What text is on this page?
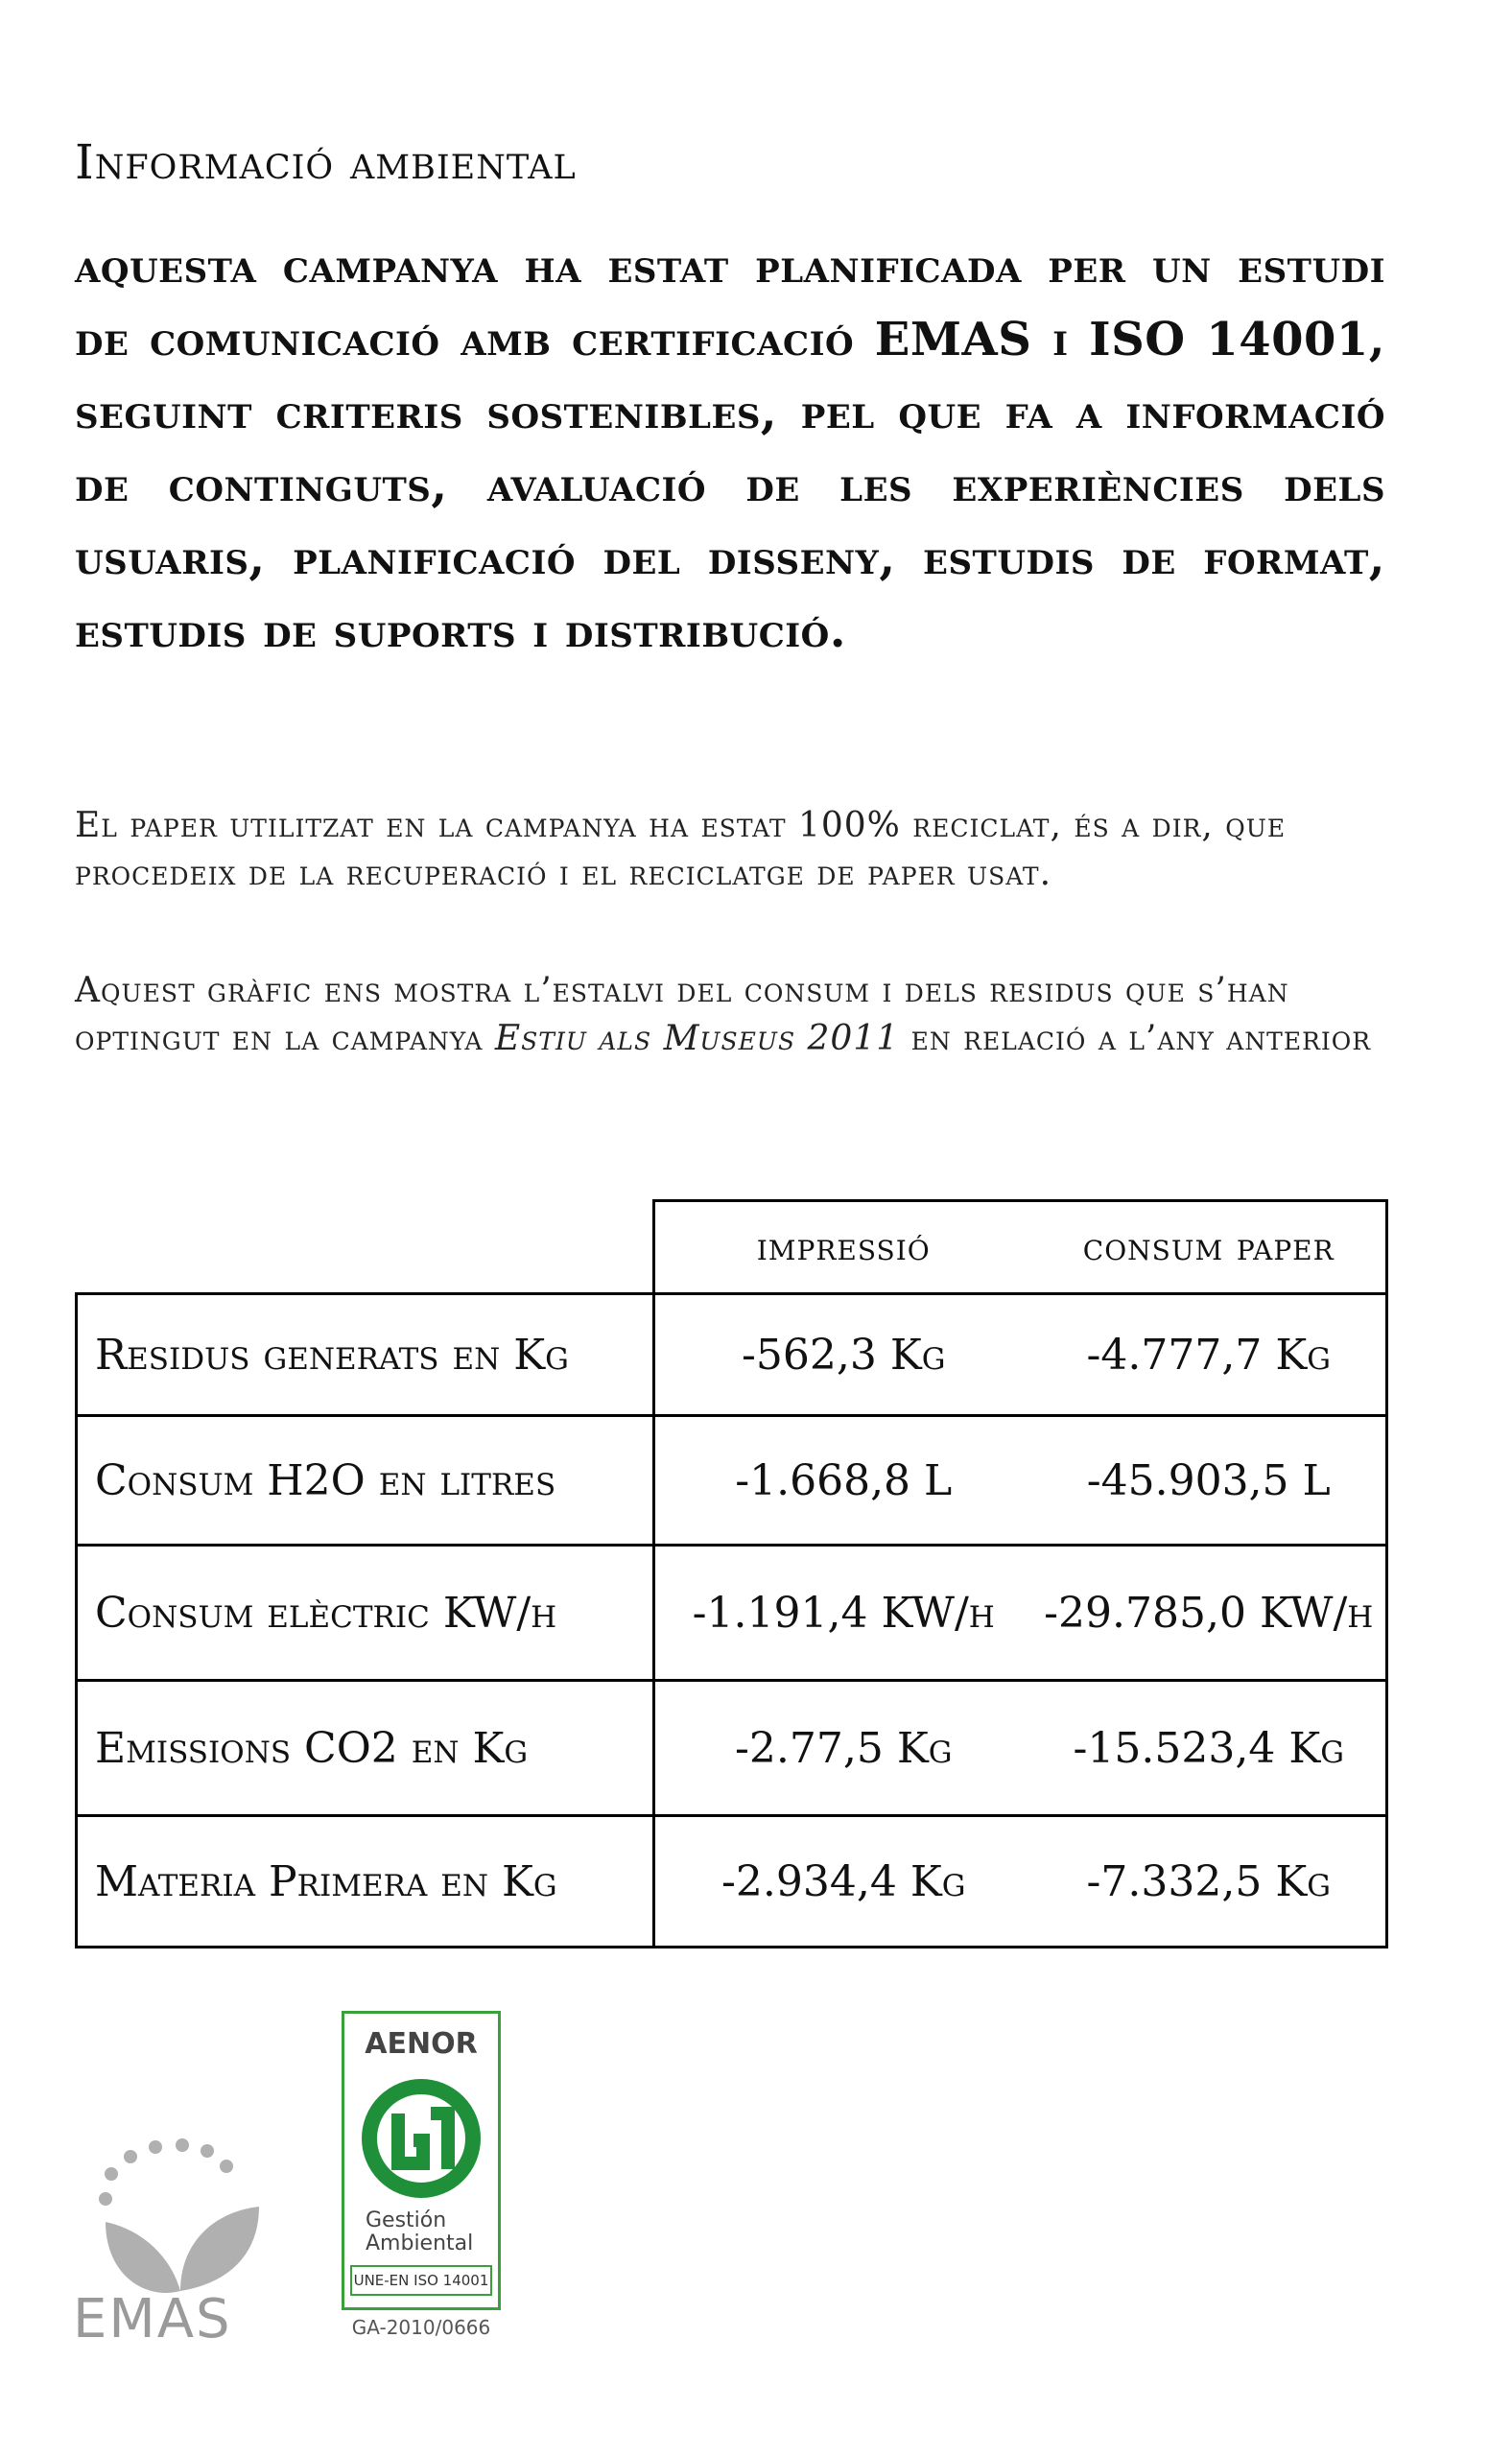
Informació ambiental

aquesta campanya ha estat planificada per un estudi de comunicació amb certificació EMAS i ISO 14001, seguint criteris sostenibles, pel que fa a informació de continguts, avaluació de les experiències dels usuaris, planificació del disseny, estudis de format, estudis de suports i distribució.

El paper utilitzat en la campanya ha estat 100% reciclat, és a dir, que procedeix de la recuperació i el reciclatge de paper usat.

Aquest gràfic ens mostra l’estalvi del consum i dels residus que s’han optingut en la campanya Estiu als Museus 2011 en relació a l’any anterior

	impressió	consum paper
Residus generats en Kg	-562,3 Kg	-4.777,7 Kg
Consum H2O en litres	-1.668,8 L	-45.903,5 L
Consum elèctric KW/h	-1.191,4 KW/h	-29.785,0 KW/h
Emissions CO2 en Kg	-2.77,5 Kg	-15.523,4 Kg
Materia Primera en Kg	-2.934,4 Kg	-7.332,5 Kg
EMAS
AENOR
Gestión
Ambiental
UNE-EN ISO 14001
GA-2010/0666
